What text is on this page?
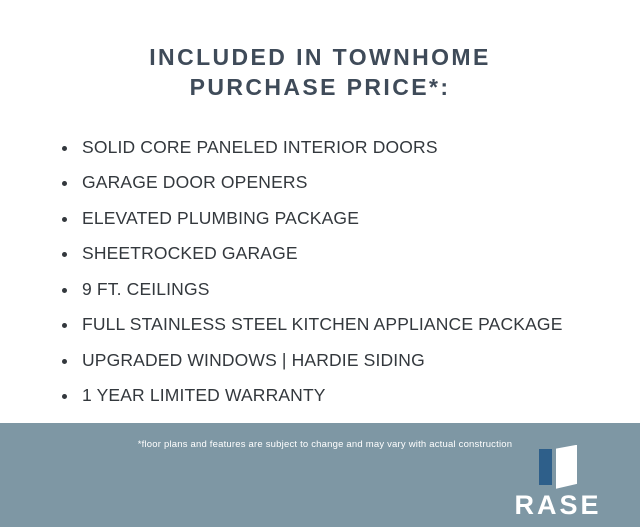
INCLUDED IN TOWNHOME
PURCHASE PRICE*:
SOLID CORE PANELED INTERIOR DOORS
GARAGE DOOR OPENERS
ELEVATED PLUMBING PACKAGE
SHEETROCKED GARAGE
9 FT. CEILINGS
FULL STAINLESS STEEL KITCHEN APPLIANCE PACKAGE
UPGRADED WINDOWS | HARDIE SIDING
1 YEAR LIMITED WARRANTY
*floor plans and features are subject to change and may vary with actual construction
RASE
